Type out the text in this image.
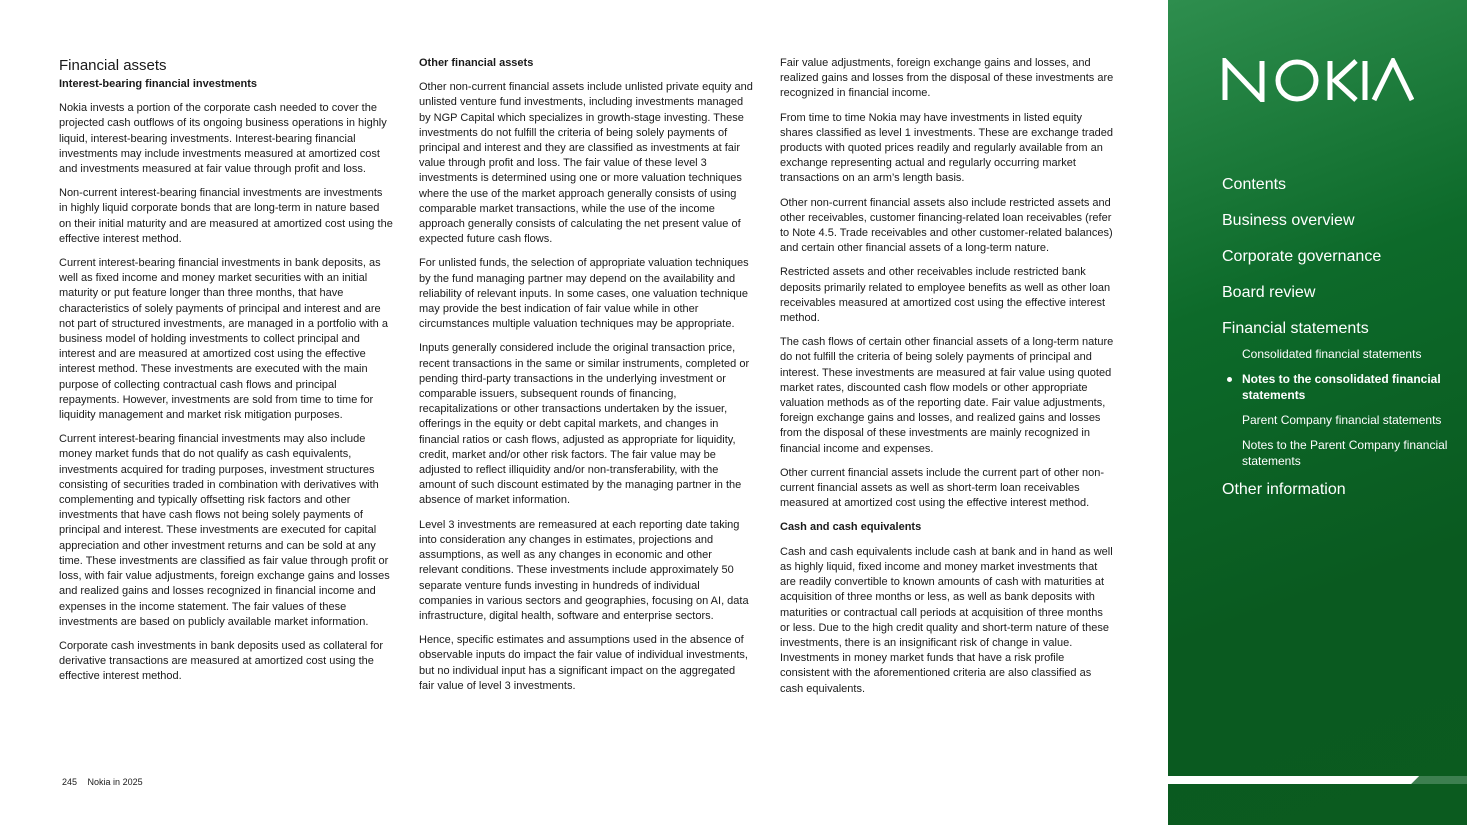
Financial assets

Interest-bearing financial investments

Nokia invests a portion of the corporate cash needed to cover the projected cash outflows of its ongoing business operations in highly liquid, interest-bearing investments. Interest-bearing financial investments may include investments measured at amortized cost and investments measured at fair value through profit and loss.

Non-current interest-bearing financial investments are investments in highly liquid corporate bonds that are long-term in nature based on their initial maturity and are measured at amortized cost using the effective interest method.

Current interest-bearing financial investments in bank deposits, as well as fixed income and money market securities with an initial maturity or put feature longer than three months, that have characteristics of solely payments of principal and interest and are not part of structured investments, are managed in a portfolio with a business model of holding investments to collect principal and interest and are measured at amortized cost using the effective interest method. These investments are executed with the main purpose of collecting contractual cash flows and principal repayments. However, investments are sold from time to time for liquidity management and market risk mitigation purposes.

Current interest-bearing financial investments may also include money market funds that do not qualify as cash equivalents, investments acquired for trading purposes, investment structures consisting of securities traded in combination with derivatives with complementing and typically offsetting risk factors and other investments that have cash flows not being solely payments of principal and interest. These investments are executed for capital appreciation and other investment returns and can be sold at any time. These investments are classified as fair value through profit or loss, with fair value adjustments, foreign exchange gains and losses and realized gains and losses recognized in financial income and expenses in the income statement. The fair values of these investments are based on publicly available market information.

Corporate cash investments in bank deposits used as collateral for derivative transactions are measured at amortized cost using the effective interest method.

Other financial assets

Other non-current financial assets include unlisted private equity and unlisted venture fund investments, including investments managed by NGP Capital which specializes in growth-stage investing. These investments do not fulfill the criteria of being solely payments of principal and interest and they are classified as investments at fair value through profit and loss. The fair value of these level 3 investments is determined using one or more valuation techniques where the use of the market approach generally consists of using comparable market transactions, while the use of the income approach generally consists of calculating the net present value of expected future cash flows.

For unlisted funds, the selection of appropriate valuation techniques by the fund managing partner may depend on the availability and reliability of relevant inputs. In some cases, one valuation technique may provide the best indication of fair value while in other circumstances multiple valuation techniques may be appropriate.

Inputs generally considered include the original transaction price, recent transactions in the same or similar instruments, completed or pending third-party transactions in the underlying investment or comparable issuers, subsequent rounds of financing, recapitalizations or other transactions undertaken by the issuer, offerings in the equity or debt capital markets, and changes in financial ratios or cash flows, adjusted as appropriate for liquidity, credit, market and/or other risk factors. The fair value may be adjusted to reflect illiquidity and/or non-transferability, with the amount of such discount estimated by the managing partner in the absence of market information.

Level 3 investments are remeasured at each reporting date taking into consideration any changes in estimates, projections and assumptions, as well as any changes in economic and other relevant conditions. These investments include approximately 50 separate venture funds investing in hundreds of individual companies in various sectors and geographies, focusing on AI, data infrastructure, digital health, software and enterprise sectors.

Hence, specific estimates and assumptions used in the absence of observable inputs do impact the fair value of individual investments, but no individual input has a significant impact on the aggregated fair value of level 3 investments.

Fair value adjustments, foreign exchange gains and losses, and realized gains and losses from the disposal of these investments are recognized in financial income.

From time to time Nokia may have investments in listed equity shares classified as level 1 investments. These are exchange traded products with quoted prices readily and regularly available from an exchange representing actual and regularly occurring market transactions on an arm’s length basis.

Other non-current financial assets also include restricted assets and other receivables, customer financing-related loan receivables (refer to Note 4.5. Trade receivables and other customer-related balances) and certain other financial assets of a long-term nature.

Restricted assets and other receivables include restricted bank deposits primarily related to employee benefits as well as other loan receivables measured at amortized cost using the effective interest method.

The cash flows of certain other financial assets of a long-term nature do not fulfill the criteria of being solely payments of principal and interest. These investments are measured at fair value using quoted market rates, discounted cash flow models or other appropriate valuation methods as of the reporting date. Fair value adjustments, foreign exchange gains and losses, and realized gains and losses from the disposal of these investments are mainly recognized in financial income and expenses.

Other current financial assets include the current part of other non-current financial assets as well as short-term loan receivables measured at amortized cost using the effective interest method.

Cash and cash equivalents

Cash and cash equivalents include cash at bank and in hand as well as highly liquid, fixed income and money market investments that are readily convertible to known amounts of cash with maturities at acquisition of three months or less, as well as bank deposits with maturities or contractual call periods at acquisition of three months or less. Due to the high credit quality and short-term nature of these investments, there is an insignificant risk of change in value. Investments in money market funds that have a risk profile consistent with the aforementioned criteria are also classified as cash equivalents.

245 Nokia in 2025
Contents
Business overview
Corporate governance
Board review
Financial statements
Consolidated financial statements
Notes to the consolidated financial statements
Parent Company financial statements
Notes to the Parent Company financial statements
Other information
